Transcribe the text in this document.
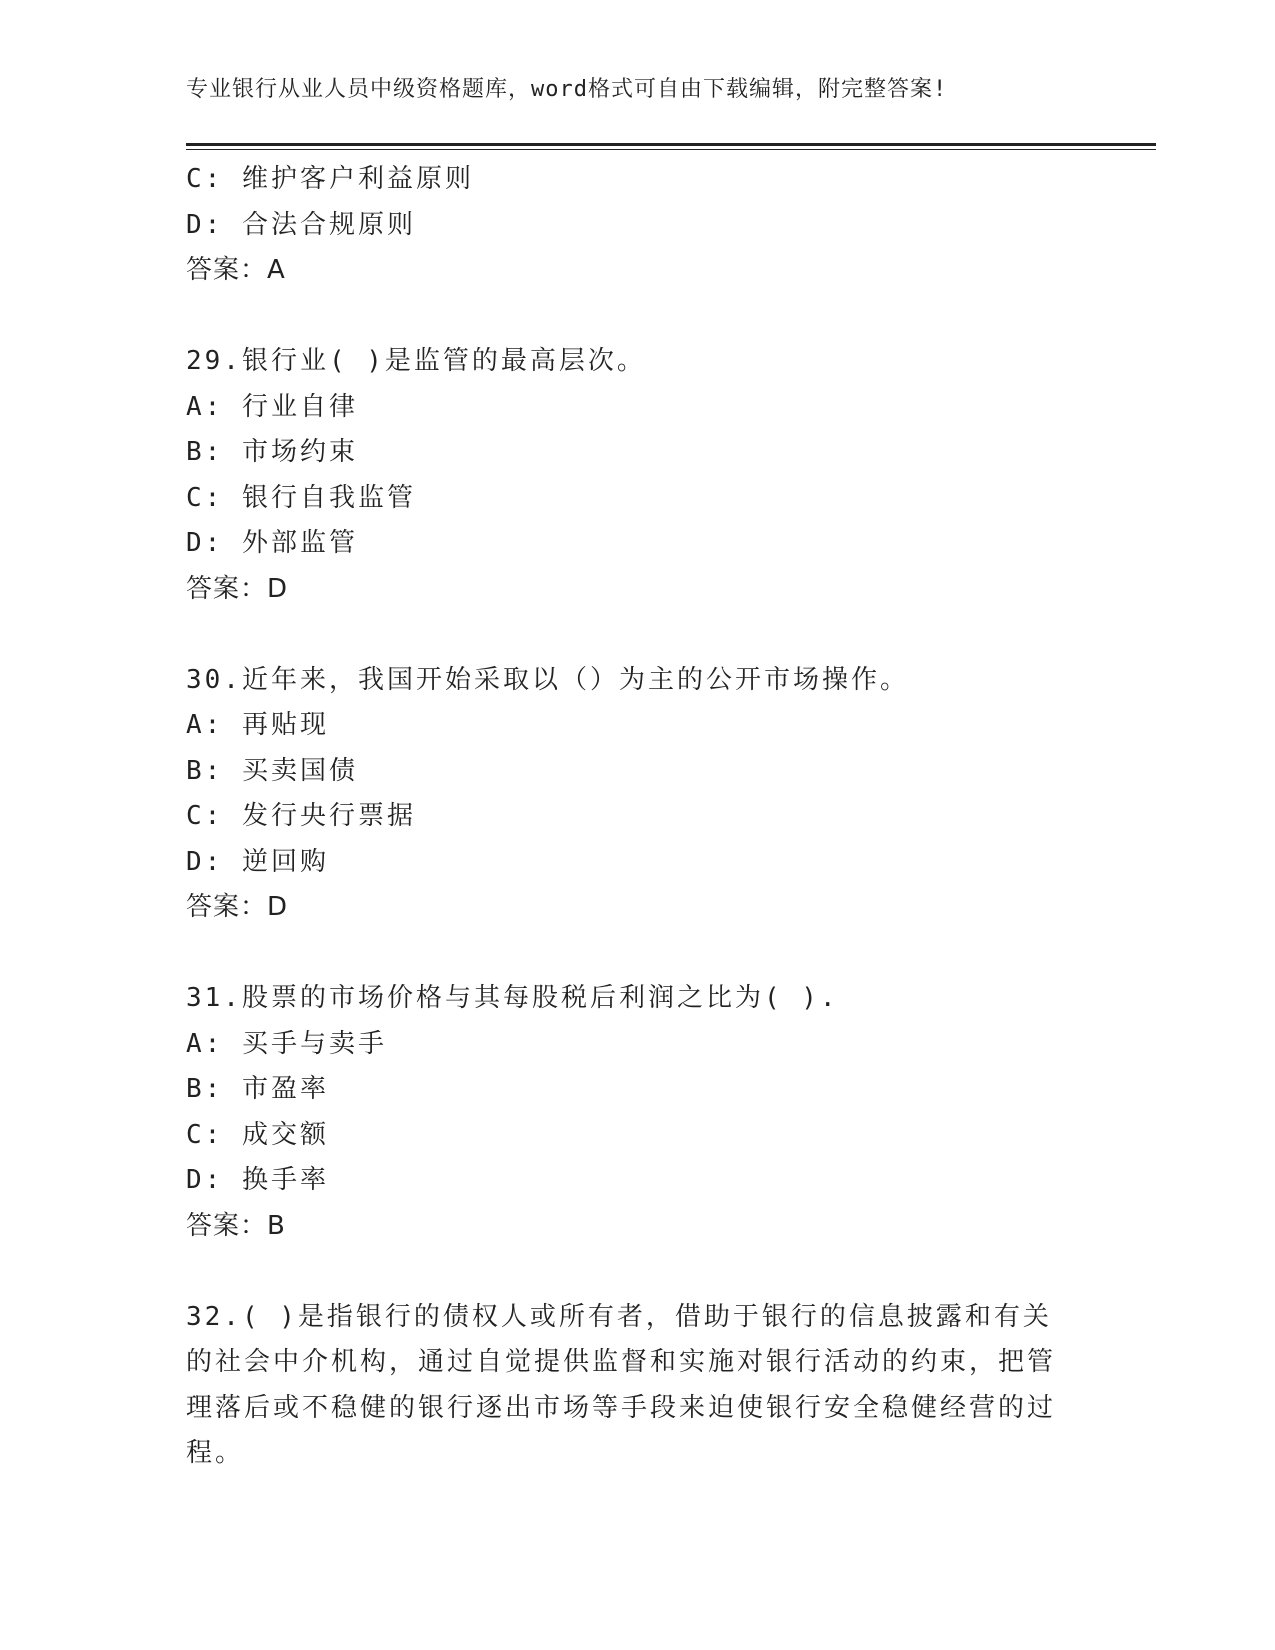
专业银行从业人员中级资格题库，word格式可自由下载编辑，附完整答案!
C: 维护客户利益原则
D: 合法合规原则
答案：A
29.银行业( )是监管的最高层次。
A: 行业自律
B: 市场约束
C: 银行自我监管
D: 外部监管
答案：D
30.近年来，我国开始采取以（）为主的公开市场操作。
A: 再贴现
B: 买卖国债
C: 发行央行票据
D: 逆回购
答案：D
31.股票的市场价格与其每股税后利润之比为( ).
A: 买手与卖手
B: 市盈率
C: 成交额
D: 换手率
答案：B
32.( )是指银行的债权人或所有者，借助于银行的信息披露和有关的社会中介机构，通过自觉提供监督和实施对银行活动的约束，把管理落后或不稳健的银行逐出市场等手段来迫使银行安全稳健经营的过程。
